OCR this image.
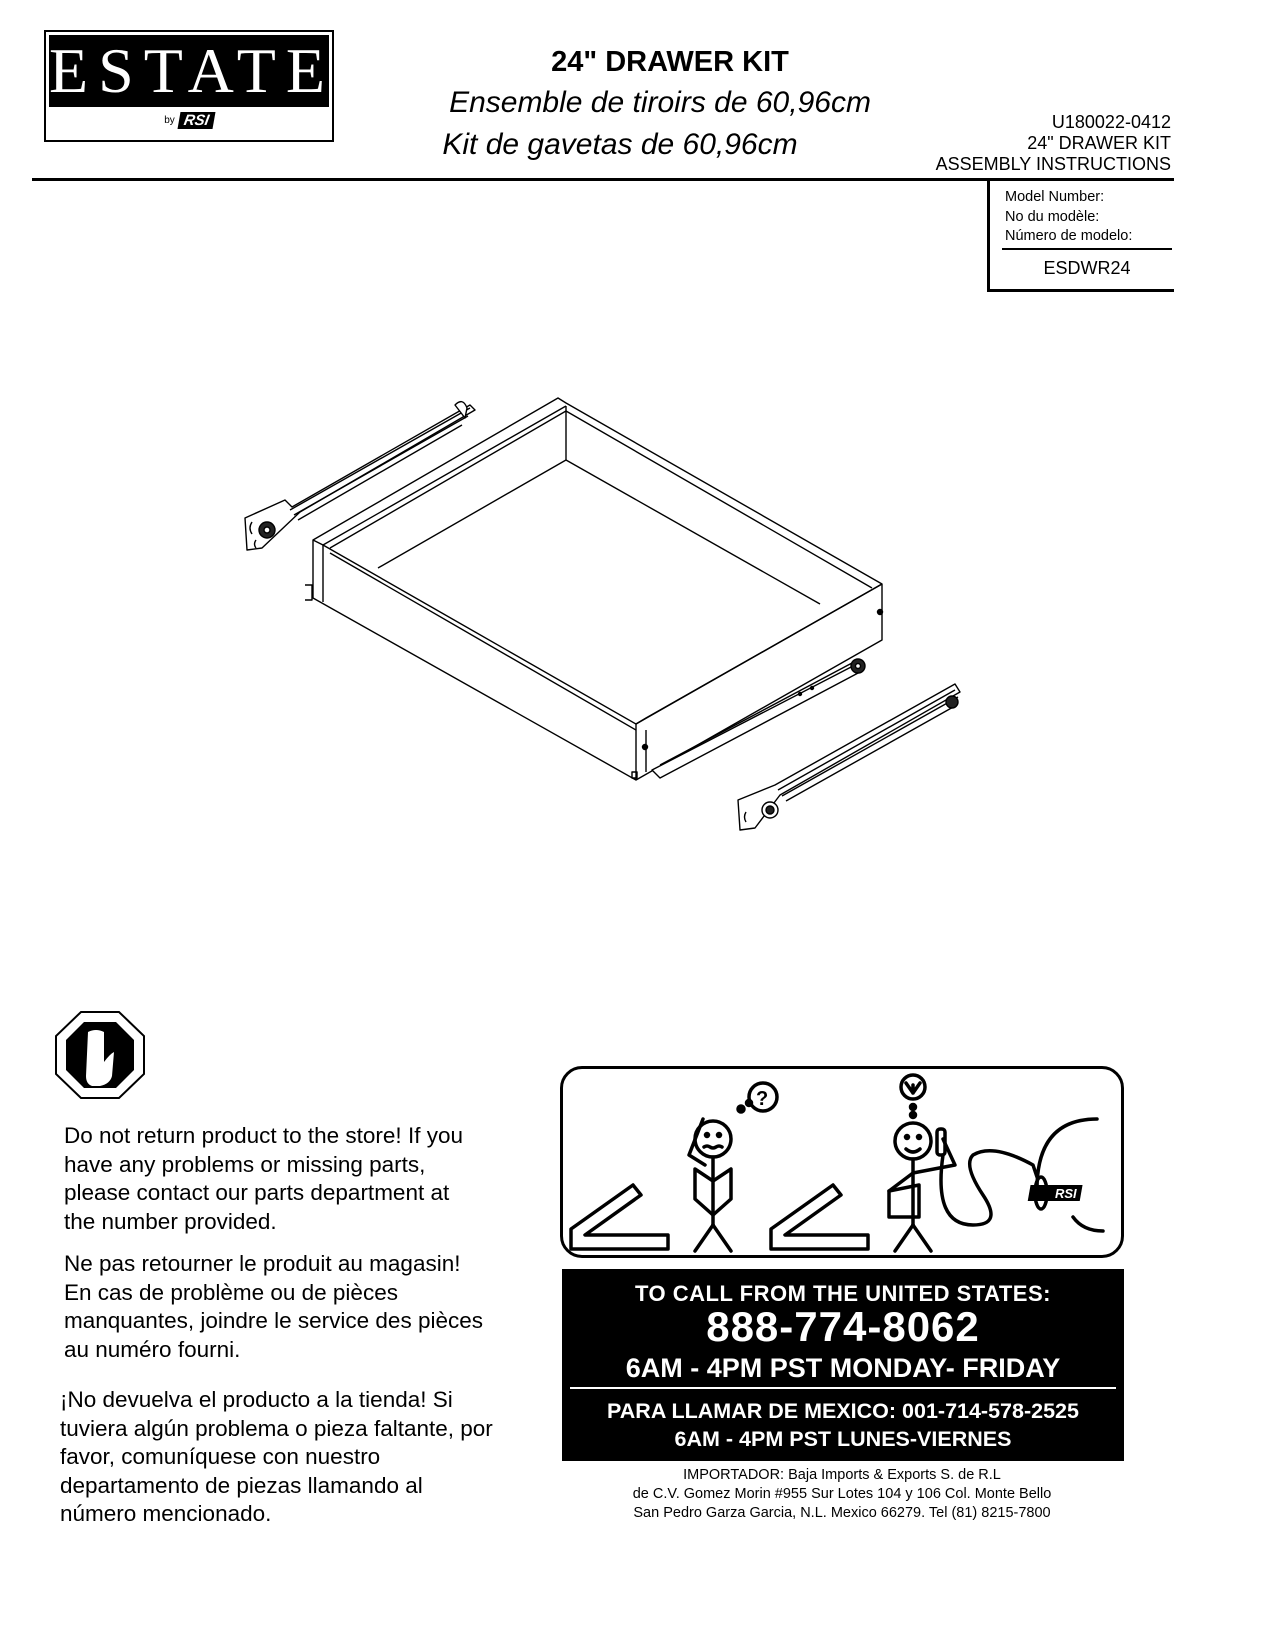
ESTATE
by RSI
24" DRAWER KIT
Ensemble de tiroirs de 60,96cm
Kit de gavetas de 60,96cm
U180022-0412
24" DRAWER KIT
ASSEMBLY INSTRUCTIONS
Model Number:
No du modèle:
Número de modelo:
ESDWR24
Do not return product to the store! If you have any problems or missing parts, please contact our parts department at the number provided.
Ne pas retourner le produit au magasin! En cas de problème ou de pièces manquantes, joindre le service des pièces au numéro fourni.
¡No devuelva el producto a la tienda! Si tuviera algún problema o pieza faltante, por favor, comuníquese con nuestro departamento de piezas llamando al número mencionado.
?
RSI
TO CALL FROM THE UNITED STATES:
888-774-8062
6AM - 4PM PST MONDAY- FRIDAY
PARA LLAMAR DE MEXICO: 001-714-578-2525
6AM - 4PM PST LUNES-VIERNES
IMPORTADOR: Baja Imports & Exports S. de R.L
de C.V. Gomez Morin #955 Sur Lotes 104 y 106 Col. Monte Bello
San Pedro Garza Garcia, N.L. Mexico 66279. Tel (81) 8215-7800
